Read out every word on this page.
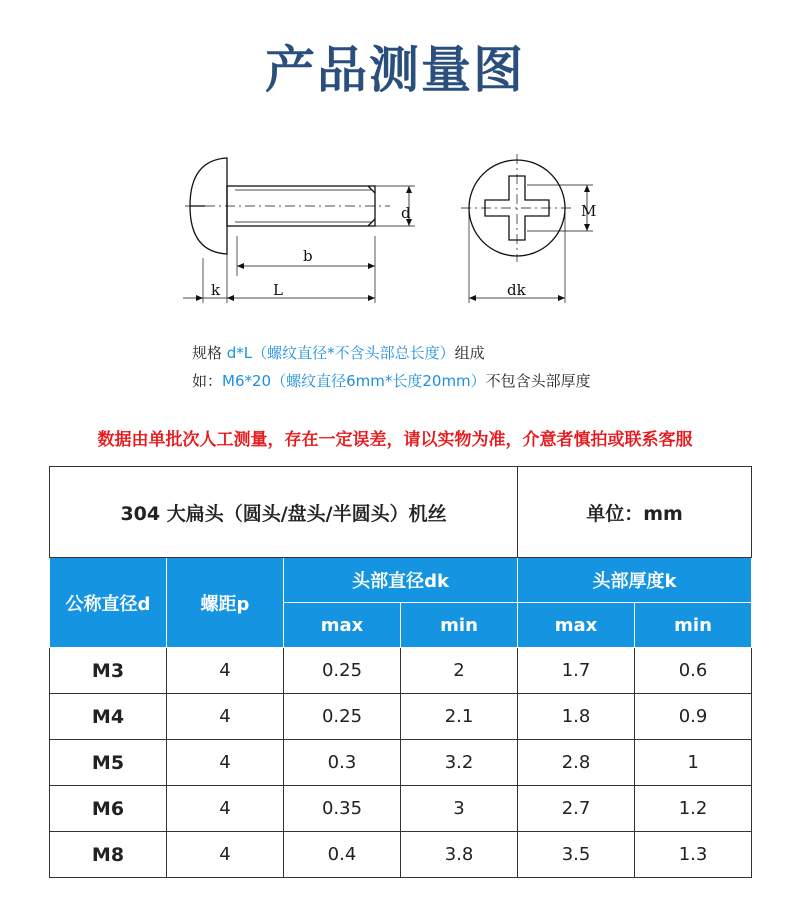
产品测量图
d
b
k	L
M
dk
规格 d*L（螺纹直径*不含头部总长度）组成
如：M6*20（螺纹直径6mm*长度20mm）不包含头部厚度
数据由单批次人工测量，存在一定误差，请以实物为准，介意者慎拍或联系客服
304 大扁头（圆头/盘头/半圆头）机丝				单位：mm	
公称直径d	螺距p	头部直径dk		头部厚度k	
		max	min	max	min
M3	4	0.25	2	1.7	0.6
M4	4	0.25	2.1	1.8	0.9
M5	4	0.3	3.2	2.8	1
M6	4	0.35	3	2.7	1.2
M8	4	0.4	3.8	3.5	1.3
